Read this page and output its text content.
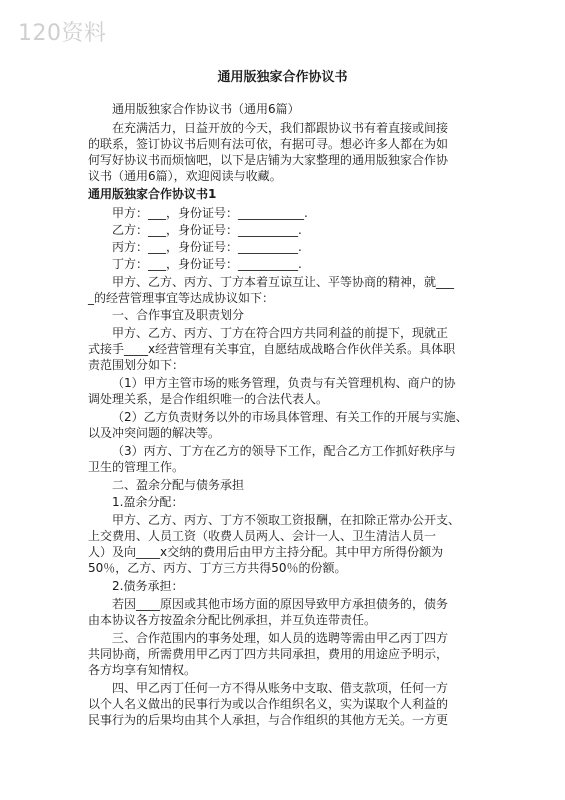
120资料
通用版独家合作协议书
通用版独家合作协议书（通用6篇）
在充满活力，日益开放的今天，我们都跟协议书有着直接或间接
的联系，签订协议书后则有法可依，有据可寻。想必许多人都在为如
何写好协议书而烦恼吧，以下是店铺为大家整理的通用版独家合作协
议书（通用6篇），欢迎阅读与收藏。
通用版独家合作协议书1
甲方：___，身份证号：___________.
乙方：___，身份证号：__________.
丙方：___，身份证号：__________.
丁方：___，身份证号：__________.
甲方、乙方、丙方、丁方本着互谅互让、平等协商的精神，就___
_的经营管理事宜等达成协议如下：
一、合作事宜及职责划分
甲方、乙方、丙方、丁方在符合四方共同利益的前提下，现就正
式接手____x经营管理有关事宜，自愿结成战略合作伙伴关系。具体职
责范围划分如下：
（1）甲方主管市场的账务管理，负责与有关管理机构、商户的协
调处理关系，是合作组织唯一的合法代表人。
（2）乙方负责财务以外的市场具体管理、有关工作的开展与实施、
以及冲突问题的解决等。
（3）丙方、丁方在乙方的领导下工作，配合乙方工作抓好秩序与
卫生的管理工作。
二、盈余分配与债务承担
1.盈余分配：
甲方、乙方、丙方、丁方不领取工资报酬，在扣除正常办公开支、
上交费用、人员工资（收费人员两人、会计一人、卫生清洁人员一
人）及向____x交纳的费用后由甲方主持分配。其中甲方所得份额为
50％，乙方、丙方、丁方三方共得50％的份额。
2.债务承担：
若因____原因或其他市场方面的原因导致甲方承担债务的，债务
由本协议各方按盈余分配比例承担，并互负连带责任。
三、合作范围内的事务处理，如人员的选聘等需由甲乙丙丁四方
共同协商，所需费用甲乙丙丁四方共同承担，费用的用途应予明示，
各方均享有知情权。
四、甲乙丙丁任何一方不得从账务中支取、借支款项，任何一方
以个人名义做出的民事行为或以合作组织名义，实为谋取个人利益的
民事行为的后果均由其个人承担，与合作组织的其他方无关。一方更
